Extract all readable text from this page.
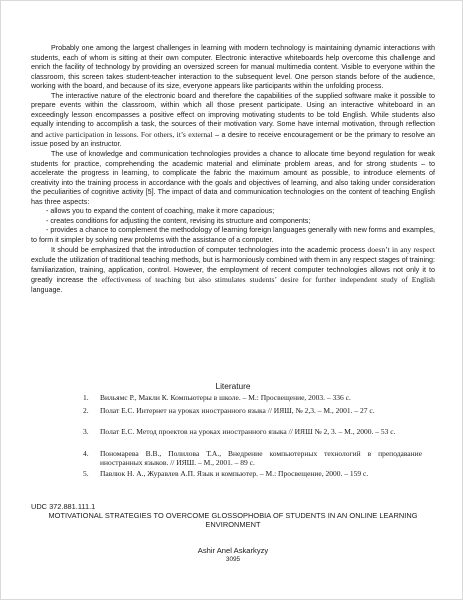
Probably one among the largest challenges in learning with modern technology is maintaining dynamic interactions with students, each of whom is sitting at their own computer. Electronic interactive whiteboards help overcome this challenge and enrich the facility of technology by providing an oversized screen for manual multimedia content. Visible to everyone within the classroom, this screen takes student-teacher interaction to the subsequent level. One person stands before of the audience, working with the board, and because of its size, everyone appears like participants within the unfolding process.

The interactive nature of the electronic board and therefore the capabilities of the supplied software make it possible to prepare events within the classroom, within which all those present participate. Using an interactive whiteboard in an exceedingly lesson encompasses a positive effect on improving motivating students to be told English. While students also equally intending to accomplish a task, the sources of their motivation vary. Some have internal motivation, through reflection and active participation in lessons. For others, it’s external – a desire to receive encouragement or be the primary to resolve an issue posed by an instructor.

The use of knowledge and communication technologies provides a chance to allocate time beyond regulation for weak students for practice, comprehending the academic material and eliminate problem areas, and for strong students – to accelerate the progress in learning, to complicate the fabric the maximum amount as possible, to introduce elements of creativity into the training process in accordance with the goals and objectives of learning, and also taking under consideration the peculiarities of cognitive activity [5]. The impact of data and communication technologies on the content of teaching English has three aspects:

- allows you to expand the content of coaching, make it more capacious;

- creates conditions for adjusting the content, revising its structure and components;

- provides a chance to complement the methodology of learning foreign languages generally with new forms and examples, to form it simpler by solving new problems with the assistance of a computer.

It should be emphasized that the introduction of computer technologies into the academic process doesn’t in any respect exclude the utilization of traditional teaching methods, but is harmoniously combined with them in any respect stages of training: familiarization, training, application, control. However, the employment of recent computer technologies allows not only it to greatly increase the effectiveness of teaching but also stimulates students’ desire for further independent study of English language.

Literature
1. Вильямс Р., Макли К. Компьютеры в школе. – М.: Просвещение, 2003. – 336 с.
2. Полат Е.С. Интернет на уроках иностранного языка // ИЯШ, № 2,3. – М., 2001. – 27 с.
3. Полат Е.С. Метод проектов на уроках иностранного языка // ИЯШ № 2, 3. – М., 2000. – 53 с.
4. Пономарева В.В., Полилова Т.А., Внедрение компьютерных технологий в преподавание иностранных языков. // ИЯШ. – М., 2001. – 89 с.
5. Павлюк Н. А., Журавлев А.П. Язык и компьютер. – М.: Просвещение, 2000. – 159 с.
UDC 372.881.111.1
MOTIVATIONAL STRATEGIES TO OVERCOME GLOSSOPHOBIA OF STUDENTS IN AN ONLINE LEARNING ENVIRONMENT
Ashir Anel Askarkyzy
3095
